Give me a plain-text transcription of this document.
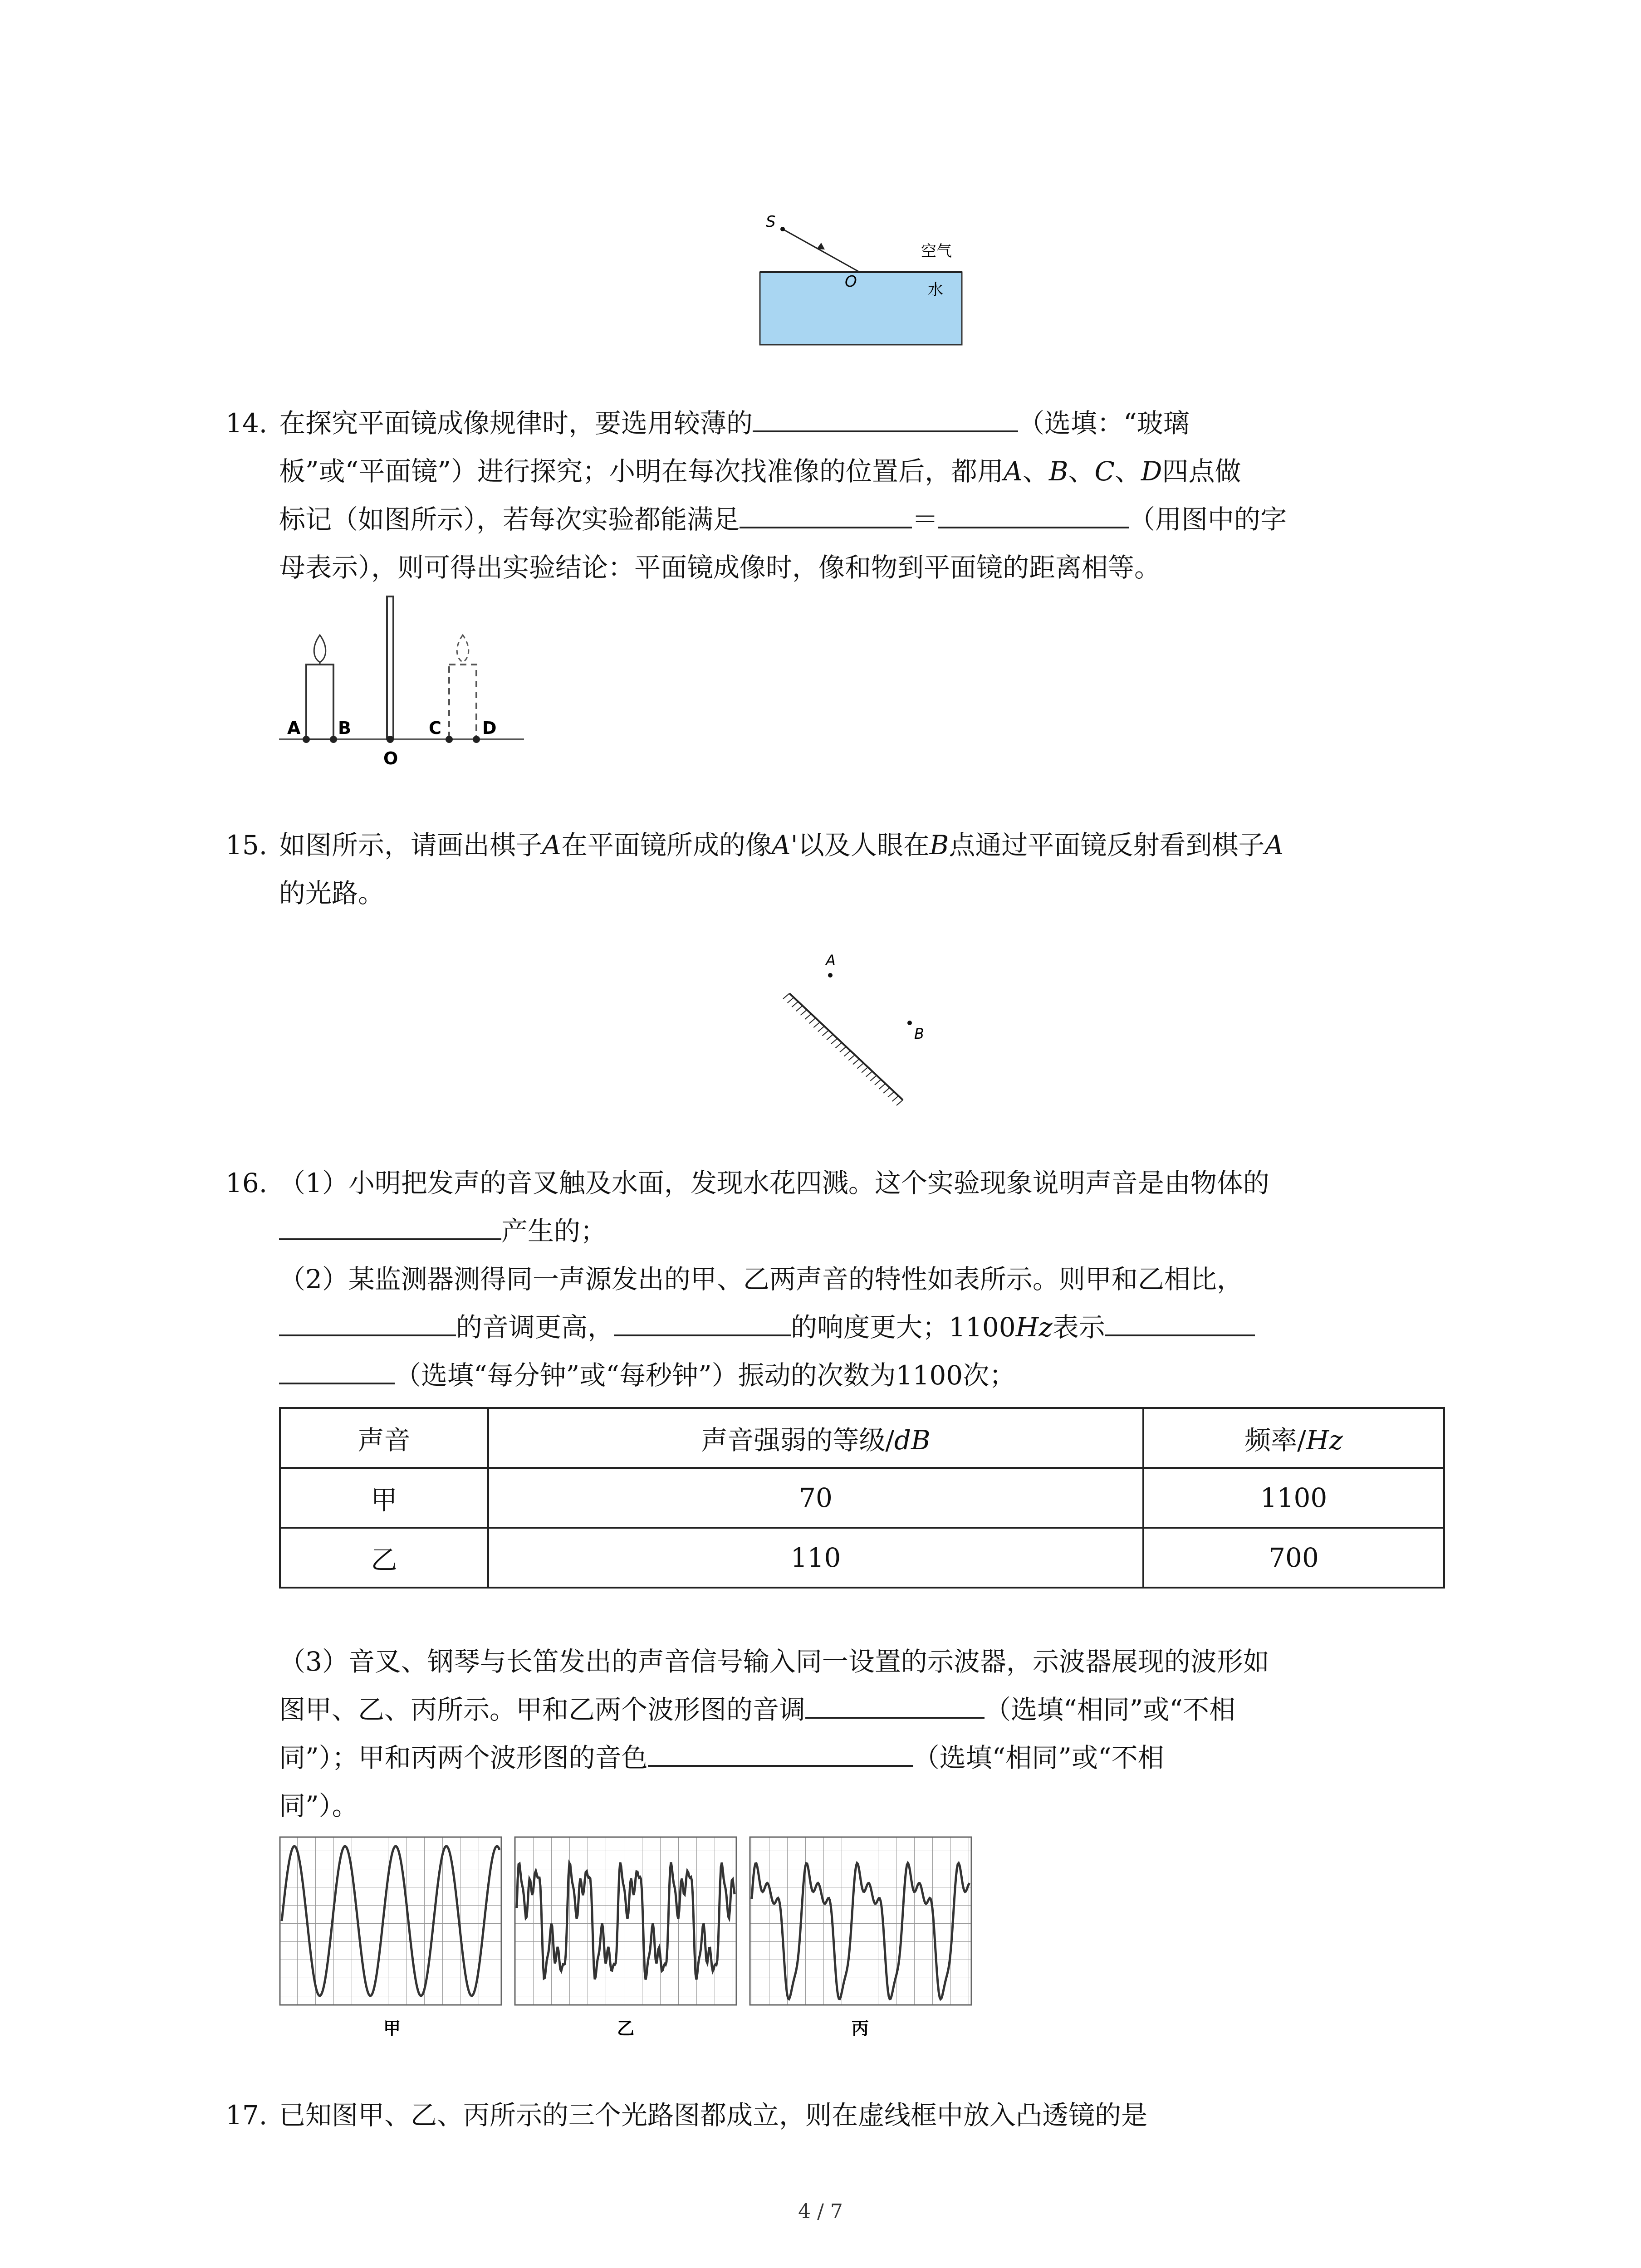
S
O
空气
水
14. 在探究平面镜成像规律时，要选用较薄的	（选填：“玻璃
板”或“平面镜”）进行探究；小明在每次找准像的位置后，都用A、B、C、D四点做
标记（如图所示），若每次实验都能满足	＝	（用图中的字
母表示），则可得出实验结论：平面镜成像时，像和物到平面镜的距离相等。
A B
O
C D
15. 如图所示，请画出棋子A在平面镜所成的像A'以及人眼在B点通过平面镜反射看到棋子A
的光路。
A
B
16. （1）小明把发声的音叉触及水面，发现水花四溅。这个实验现象说明声音是由物体的
产生的；
（2）某监测器测得同一声源发出的甲、乙两声音的特性如表所示。则甲和乙相比，
的音调更高，	的响度更大；1100Hz表示
（选填“每分钟”或“每秒钟”）振动的次数为1100次；
声音	声音强弱的等级/dB	频率/Hz
甲	70	1100
乙	110	700
（3）音叉、钢琴与长笛发出的声音信号输入同一设置的示波器，示波器展现的波形如
图甲、乙、丙所示。甲和乙两个波形图的音调	（选填“相同”或“不相
同”）；甲和丙两个波形图的音色	（选填“相同”或“不相
同”）。
甲	乙	丙
17. 已知图甲、乙、丙所示的三个光路图都成立，则在虚线框中放入凸透镜的是
4 / 7
